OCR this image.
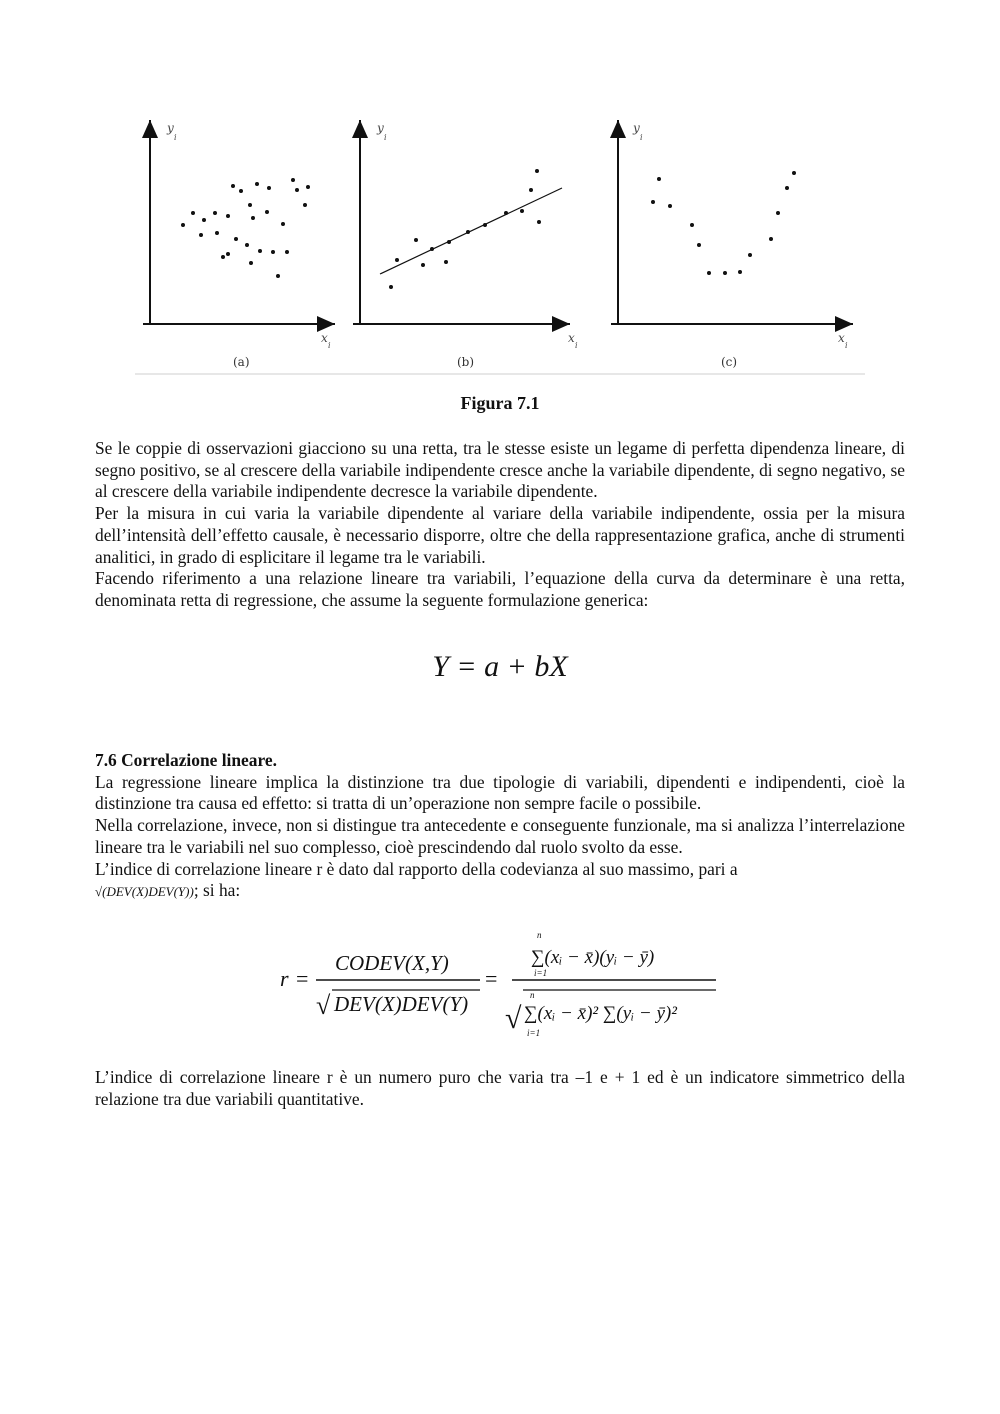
y
i
x
i
(a)
y
i
x
i
(b)
y
i
x
i
(c)
Figura 7.1

Se le coppie di osservazioni giacciono su una retta, tra le stesse esiste un legame di perfetta dipendenza lineare, di segno positivo, se al crescere della variabile indipendente cresce anche la variabile dipendente, di segno negativo, se al crescere della variabile indipendente decresce la variabile dipendente.

Per la misura in cui varia la variabile dipendente al variare della variabile indipendente, ossia per la misura dell’intensità dell’effetto causale, è necessario disporre, oltre che della rappresentazione grafica, anche di strumenti analitici, in grado di esplicitare il legame tra le variabili.

Facendo riferimento a una relazione lineare tra variabili, l’equazione della curva da determinare è una retta, denominata retta di regressione, che assume la seguente formulazione generica:

Y = a + bX

7.6 Correlazione lineare.

La regressione lineare implica la distinzione tra due tipologie di variabili, dipendenti e indipendenti, cioè la distinzione tra causa ed effetto: si tratta di un’operazione non sempre facile o possibile.

Nella correlazione, invece, non si distingue tra antecedente e conseguente funzionale, ma si analizza l’interrelazione lineare tra le variabili nel suo complesso, cioè prescindendo dal ruolo svolto da esse.

L’indice di correlazione lineare r è dato dal rapporto della codevianza al suo massimo, pari a
√(DEV(X)DEV(Y)); si ha:

r =
CODEV(X,Y)
√ DEV(X)DEV(Y)
=
n
∑(xᵢ − x̄)(yᵢ − ȳ)
i=1
√
n
∑(xᵢ − x̄)² ∑(yᵢ − ȳ)²
i=1

L’indice di correlazione lineare r è un numero puro che varia tra –1 e + 1 ed è un indicatore simmetrico della relazione tra due variabili quantitative.
